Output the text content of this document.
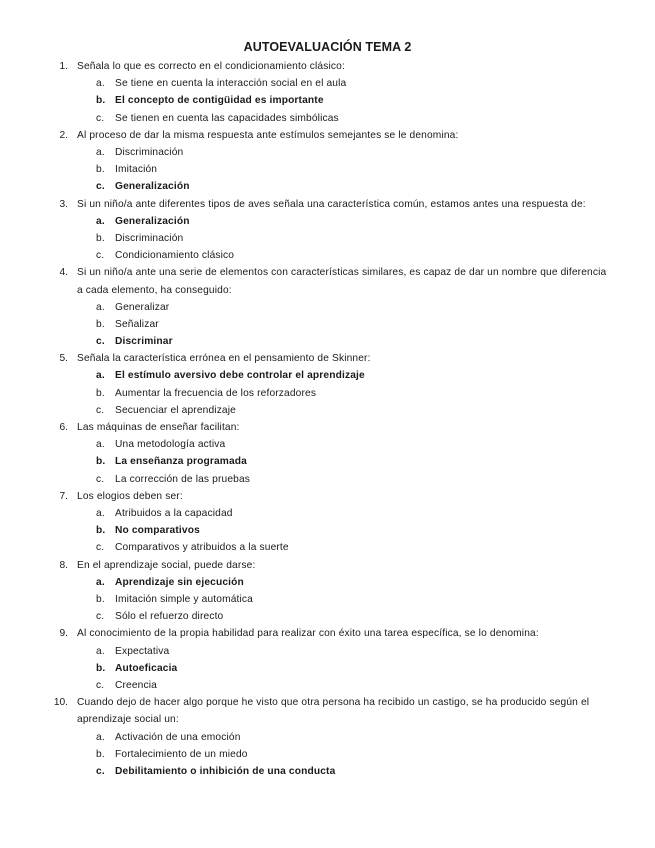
AUTOEVALUACIÓN TEMA 2
1. Señala lo que es correcto en el condicionamiento clásico:
a.	Se tiene en cuenta la interacción social en el aula
b. El concepto de contigüidad es importante
c.	Se tienen en cuenta las capacidades simbólicas
2. Al proceso de dar la misma respuesta ante estímulos semejantes se le denomina:
a.	Discriminación
b.	Imitación
c.	Generalización
3. Si un niño/a ante diferentes tipos de aves señala una característica común, estamos antes una respuesta de:
a.	Generalización
b.	Discriminación
c.	Condicionamiento clásico
4. Si un niño/a ante una serie de elementos con características similares, es capaz de dar un nombre que diferencia a cada elemento, ha conseguido:
a.	Generalizar
b.	Señalizar
c.	Discriminar
5. Señala la característica errónea en el pensamiento de Skinner:
a.	El estímulo aversivo debe controlar el aprendizaje
b.	Aumentar la frecuencia de los reforzadores
c.	Secuenciar el aprendizaje
6. Las máquinas de enseñar facilitan:
a.	Una metodología activa
b. La enseñanza programada
c.	La corrección de las pruebas
7. Los elogios deben ser:
a.	Atribuidos a la capacidad
b. No comparativos
c.	Comparativos y atribuidos a la suerte
8. En el aprendizaje social, puede darse:
a.	Aprendizaje sin ejecución
b.	Imitación simple y automática
c.	Sólo el refuerzo directo
9. Al conocimiento de la propia habilidad para realizar con éxito una tarea específica, se lo denomina:
a.	Expectativa
b. Autoeficacia
c.	Creencia
10. Cuando dejo de hacer algo porque he visto que otra persona ha recibido un castigo, se ha producido según el aprendizaje social un:
a.	Activación de una emoción
b.	Fortalecimiento de un miedo
c.	Debilitamiento o inhibición de una conducta
